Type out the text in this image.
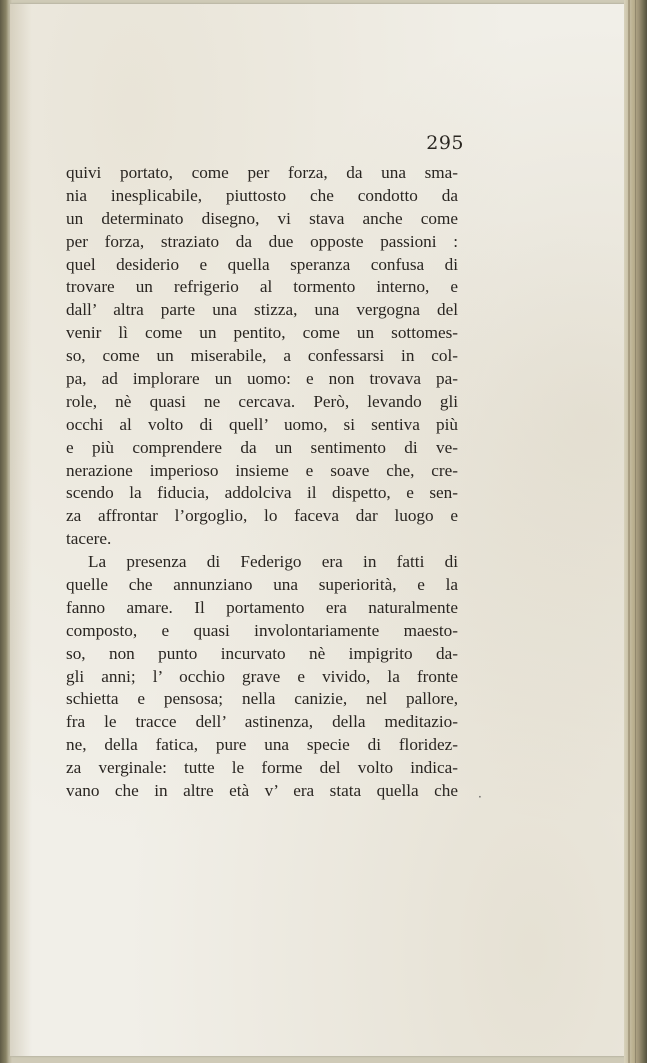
295
quivi portato, come per forza, da una sma-
nia inesplicabile, piuttosto che condotto da
un determinato disegno, vi stava anche come
per forza, straziato da due opposte passioni :
quel desiderio e quella speranza confusa di
trovare un refrigerio al tormento interno, e
dall’ altra parte una stizza, una vergogna del
venir lì come un pentito, come un sottomes-
so, come un miserabile, a confessarsi in col-
pa, ad implorare un uomo: e non trovava pa-
role, nè quasi ne cercava. Però, levando gli
occhi al volto di quell’ uomo, si sentiva più
e più comprendere da un sentimento di ve-
nerazione imperioso insieme e soave che, cre-
scendo la fiducia, addolciva il dispetto, e sen-
za affrontar l’orgoglio, lo faceva dar luogo e
tacere.
La presenza di Federigo era in fatti di
quelle che annunziano una superiorità, e la
fanno amare. Il portamento era naturalmente
composto, e quasi involontariamente maesto-
so, non punto incurvato nè impigrito da-
gli anni; l’ occhio grave e vivido, la fronte
schietta e pensosa; nella canizie, nel pallore,
fra le tracce dell’ astinenza, della meditazio-
ne, della fatica, pure una specie di floridez-
za verginale: tutte le forme del volto indica-
vano che in altre età v’ era stata quella che ·
